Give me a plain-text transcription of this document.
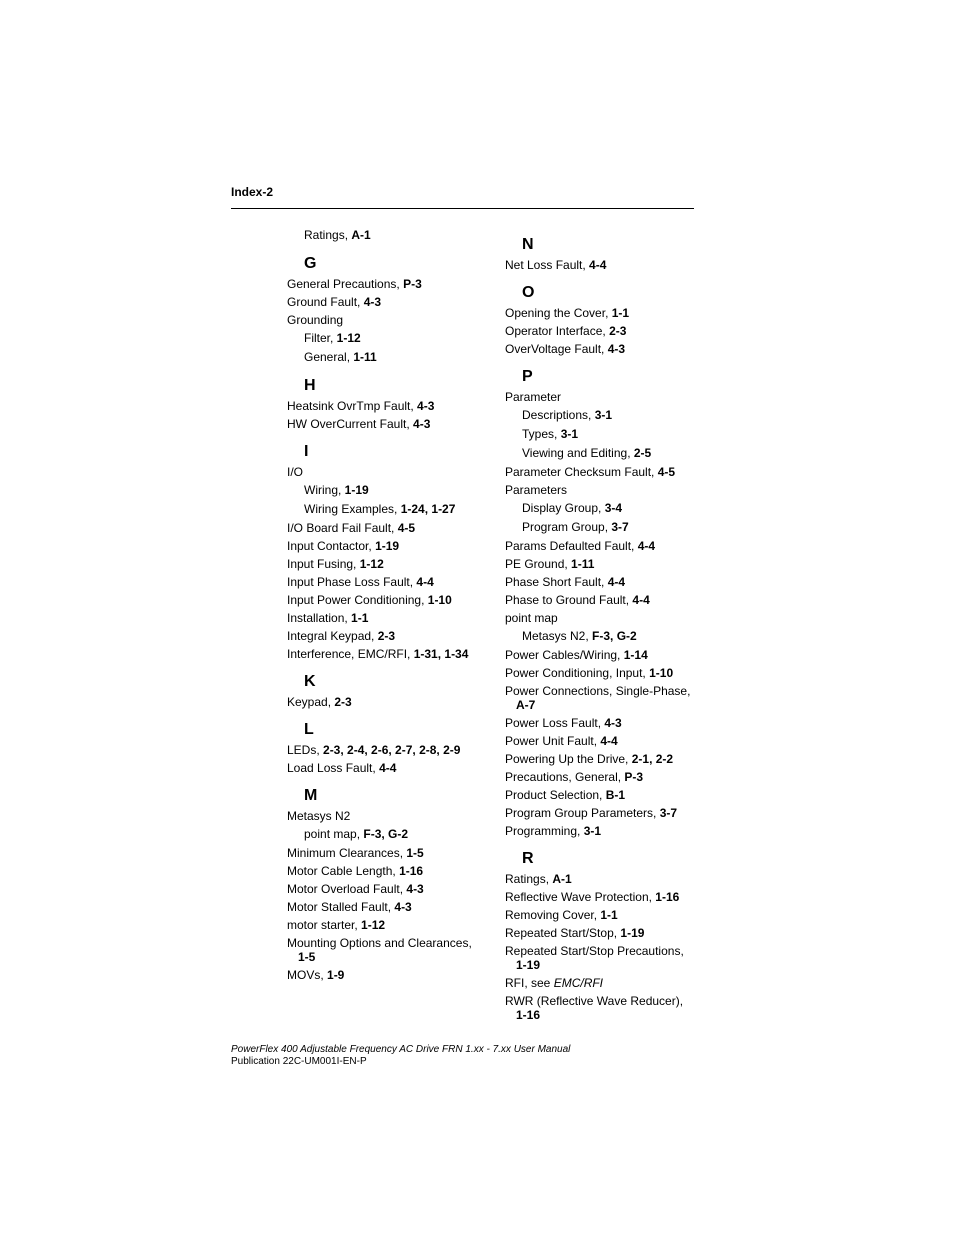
Index-2
Ratings, A-1
G
General Precautions, P-3
Ground Fault, 4-3
Grounding
Filter, 1-12
General, 1-11
H
Heatsink OvrTmp Fault, 4-3
HW OverCurrent Fault, 4-3
I
I/O
Wiring, 1-19
Wiring Examples, 1-24, 1-27
I/O Board Fail Fault, 4-5
Input Contactor, 1-19
Input Fusing, 1-12
Input Phase Loss Fault, 4-4
Input Power Conditioning, 1-10
Installation, 1-1
Integral Keypad, 2-3
Interference, EMC/RFI, 1-31, 1-34
K
Keypad, 2-3
L
LEDs, 2-3, 2-4, 2-6, 2-7, 2-8, 2-9
Load Loss Fault, 4-4
M
Metasys N2
point map, F-3, G-2
Minimum Clearances, 1-5
Motor Cable Length, 1-16
Motor Overload Fault, 4-3
Motor Stalled Fault, 4-3
motor starter, 1-12
Mounting Options and Clearances,
1-5
MOVs, 1-9
N
Net Loss Fault, 4-4
O
Opening the Cover, 1-1
Operator Interface, 2-3
OverVoltage Fault, 4-3
P
Parameter
Descriptions, 3-1
Types, 3-1
Viewing and Editing, 2-5
Parameter Checksum Fault, 4-5
Parameters
Display Group, 3-4
Program Group, 3-7
Params Defaulted Fault, 4-4
PE Ground, 1-11
Phase Short Fault, 4-4
Phase to Ground Fault, 4-4
point map
Metasys N2, F-3, G-2
Power Cables/Wiring, 1-14
Power Conditioning, Input, 1-10
Power Connections, Single-Phase,
A-7
Power Loss Fault, 4-3
Power Unit Fault, 4-4
Powering Up the Drive, 2-1, 2-2
Precautions, General, P-3
Product Selection, B-1
Program Group Parameters, 3-7
Programming, 3-1
R
Ratings, A-1
Reflective Wave Protection, 1-16
Removing Cover, 1-1
Repeated Start/Stop, 1-19
Repeated Start/Stop Precautions,
1-19
RFI, see EMC/RFI
RWR (Reflective Wave Reducer),
1-16
PowerFlex 400 Adjustable Frequency AC Drive FRN 1.xx - 7.xx User Manual
Publication 22C-UM001I-EN-P
